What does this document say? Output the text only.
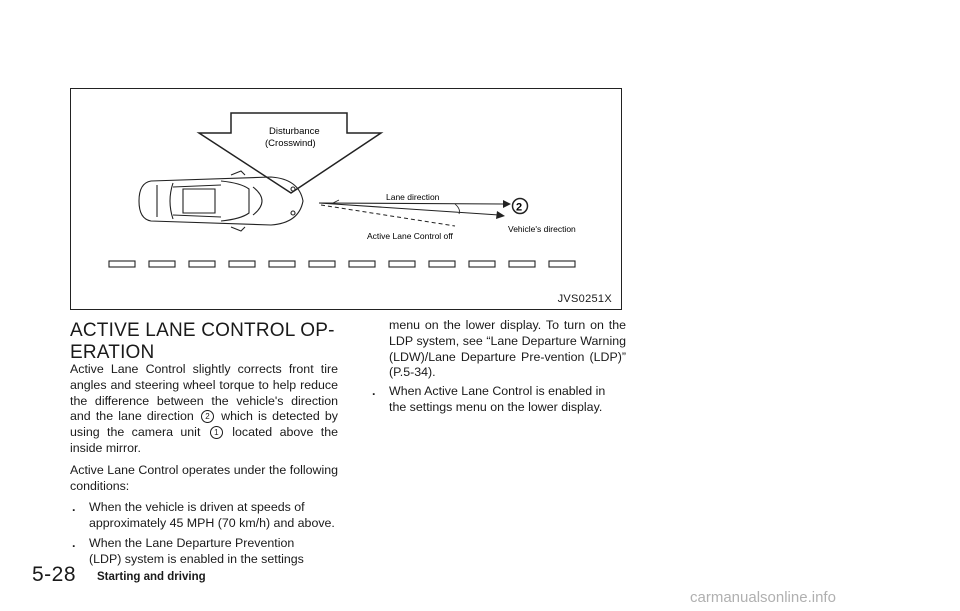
Disturbance
(Crosswind)
Lane direction
Active Lane Control off
Vehicle's direction
2
JVS0251X
ACTIVE LANE CONTROL OP-
ERATION

Active Lane Control slightly corrects front tire angles and steering wheel torque to help reduce the difference between the vehicle's direction and the lane direction 2 which is detected by using the camera unit 1 located above the inside mirror.

Active Lane Control operates under the following conditions:

. When the vehicle is driven at speeds of
approximately 45 MPH (70 km/h) and above.
. When the Lane Departure Prevention
(LDP) system is enabled in the settings
menu on the lower display. To turn on the LDP system, see “Lane Departure Warning (LDW)/Lane Departure Pre-vention (LDP)” (P.5-34).
. When Active Lane Control is enabled in
the settings menu on the lower display.
5-28 Starting and driving
carmanualsonline.info
